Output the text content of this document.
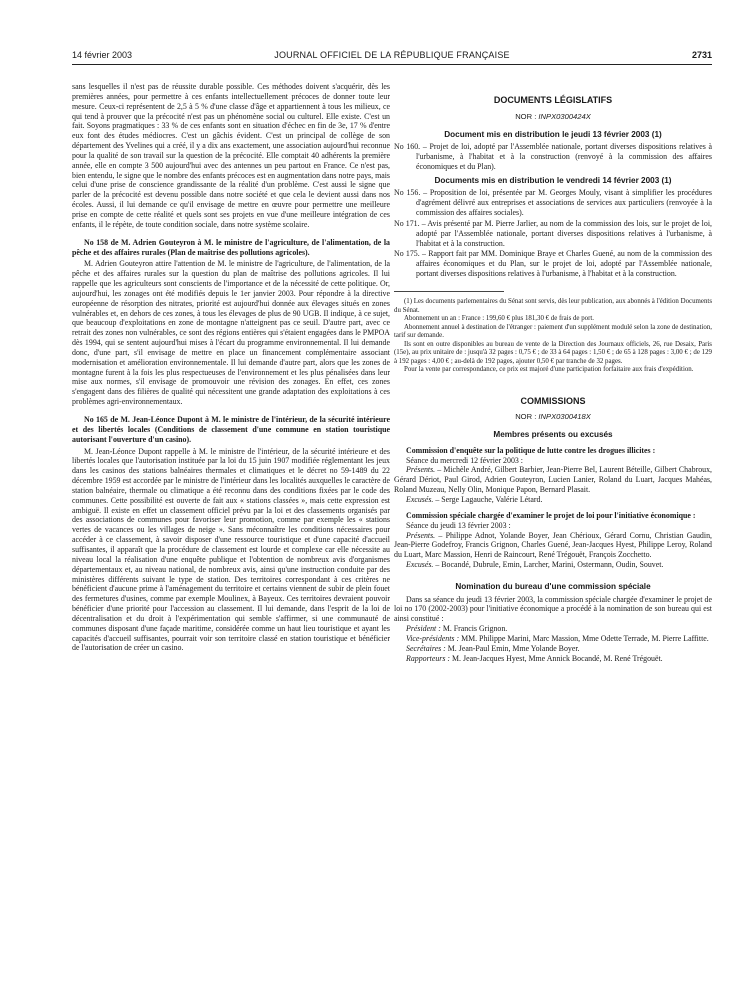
14 février 2003	JOURNAL OFFICIEL DE LA RÉPUBLIQUE FRANÇAISE	2731

sans lesquelles il n'est pas de réussite durable possible. Ces méthodes doivent s'acquérir, dès les premières années, pour permettre à ces enfants intellectuellement précoces de donner toute leur mesure. Ceux-ci représentent de 2,5 à 5 % d'une classe d'âge et appartiennent à tous les milieux, ce qui tend à prouver que la précocité n'est pas un phénomène social ou culturel. Elle existe. C'est un fait. Soyons pragmatiques : 33 % de ces enfants sont en situation d'échec en fin de 3e, 17 % d'entre eux font des études médiocres. C'est un gâchis évident. C'est un principal de collège de son département des Yvelines qui a créé, il y a dix ans exactement, une association aujourd'hui reconnue pour la qualité de son travail sur la question de la précocité. Elle comptait 40 adhérents la première année, elle en compte 3 500 aujourd'hui avec des antennes un peu partout en France. Ce n'est pas, bien entendu, le signe que le nombre des enfants précoces est en augmentation dans notre pays, mais celui d'une prise de conscience grandissante de la réalité d'un problème. C'est aussi le signe que parler de la précocité est devenu possible dans notre société et que cela le devient aussi dans nos écoles. Aussi, il lui demande ce qu'il envisage de mettre en œuvre pour permettre une meilleure prise en compte de cette réalité et quels sont ses projets en vue d'une meilleure intégration de ces enfants, il le répète, de toute condition sociale, dans notre système scolaire.

No 158 de M. Adrien Gouteyron à M. le ministre de l'agriculture, de l'alimentation, de la pêche et des affaires rurales (Plan de maîtrise des pollutions agricoles).

M. Adrien Gouteyron attire l'attention de M. le ministre de l'agriculture, de l'alimentation, de la pêche et des affaires rurales sur la question du plan de maîtrise des pollutions agricoles. Il lui rappelle que les agriculteurs sont conscients de l'importance et de la nécessité de cette politique. Or, aujourd'hui, les zonages ont été modifiés depuis le 1er janvier 2003. Pour répondre à la directive européenne de résorption des nitrates, priorité est aujourd'hui donnée aux élevages situés en zones vulnérables et, en dehors de ces zones, à tous les élevages de plus de 90 UGB. Il indique, à ce sujet, que beaucoup d'exploitations en zone de montagne n'atteignent pas ce seuil. D'autre part, avec ce retrait des zones non vulnérables, ce sont des régions entières qui s'étaient engagées dans le PMPOA dès 1994, qui se sentent aujourd'hui mises à l'écart du programme environnemental. Il lui demande donc, d'une part, s'il envisage de mettre en place un financement complémentaire associant modernisation et amélioration environnementale. Il lui demande d'autre part, alors que les zones de montagne furent à la fois les plus respectueuses de l'environnement et les plus pénalisées dans leur mise aux normes, s'il envisage de promouvoir une révision des zonages. En effet, ces zones s'engagent dans des filières de qualité qui nécessitent une grande adaptation des exploitations à ces problèmes agri-environnementaux.

No 165 de M. Jean-Léonce Dupont à M. le ministre de l'intérieur, de la sécurité intérieure et des libertés locales (Conditions de classement d'une commune en station touristique autorisant l'ouverture d'un casino).

M. Jean-Léonce Dupont rappelle à M. le ministre de l'intérieur, de la sécurité intérieure et des libertés locales que l'autorisation instituée par la loi du 15 juin 1907 modifiée réglementant les jeux dans les casinos des stations balnéaires thermales et climatiques et le décret no 59-1489 du 22 décembre 1959 est accordée par le ministre de l'intérieur dans les localités auxquelles le caractère de station balnéaire, thermale ou climatique a été reconnu dans des conditions fixées par le code des communes. Cette possibilité est ouverte de fait aux « stations classées », mais cette expression est ambiguë. Il existe en effet un classement officiel prévu par la loi et des classements organisés par des associations de communes pour favoriser leur promotion, comme par exemple les « stations vertes de vacances ou les villages de neige ». Sans méconnaître les conditions nécessaires pour accéder à ce classement, à savoir disposer d'une ressource touristique et d'une capacité d'accueil suffisantes, il apparaît que la procédure de classement est lourde et complexe car elle nécessite au niveau local la réalisation d'une enquête publique et l'obtention de nombreux avis d'organismes départementaux et, au niveau national, de nombreux avis, ainsi qu'une instruction conduite par des ministères différents suivant le type de station. Des territoires correspondant à ces critères ne bénéficient d'aucune prime à l'aménagement du territoire et certains viennent de subir de plein fouet des fermetures d'usines, comme par exemple Moulinex, à Bayeux. Ces territoires devraient pouvoir bénéficier d'une priorité pour l'accession au classement. Il lui demande, dans l'esprit de la loi de décentralisation et du droit à l'expérimentation qui semble s'affirmer, si une communauté de communes disposant d'une façade maritime, considérée comme un haut lieu touristique et ayant les capacités d'accueil suffisantes, pourrait voir son territoire classé en station touristique et bénéficier de l'autorisation de créer un casino.

DOCUMENTS LÉGISLATIFS

NOR : INPX0300424X

Document mis en distribution le jeudi 13 février 2003 (1)

No 160. – Projet de loi, adopté par l'Assemblée nationale, portant diverses dispositions relatives à l'urbanisme, à l'habitat et à la construction (renvoyé à la commission des affaires économiques et du Plan).

Documents mis en distribution le vendredi 14 février 2003 (1)

No 156. – Proposition de loi, présentée par M. Georges Mouly, visant à simplifier les procédures d'agrément délivré aux entreprises et associations de services aux particuliers (renvoyée à la commission des affaires sociales).

No 171. – Avis présenté par M. Pierre Jarlier, au nom de la commission des lois, sur le projet de loi, adopté par l'Assemblée nationale, portant diverses dispositions relatives à l'urbanisme, à l'habitat et à la construction.

No 175. – Rapport fait par MM. Dominique Braye et Charles Guené, au nom de la commission des affaires économiques et du Plan, sur le projet de loi, adopté par l'Assemblée nationale, portant diverses dispositions relatives à l'urbanisme, à l'habitat et à la construction.

(1) Les documents parlementaires du Sénat sont servis, dès leur publication, aux abonnés à l'édition Documents du Sénat.

Abonnement un an : France : 199,60 € plus 181,30 € de frais de port.

Abonnement annuel à destination de l'étranger : paiement d'un supplément modulé selon la zone de destination, tarif sur demande.

Ils sont en outre disponibles au bureau de vente de la Direction des Journaux officiels, 26, rue Desaix, Paris (15e), au prix unitaire de : jusqu'à 32 pages : 0,75 € ; de 33 à 64 pages : 1,50 € ; de 65 à 128 pages : 3,00 € ; de 129 à 192 pages : 4,00 € ; au-delà de 192 pages, ajouter 0,50 € par tranche de 32 pages.

Pour la vente par correspondance, ce prix est majoré d'une participation forfaitaire aux frais d'expédition.

COMMISSIONS

NOR : INPX0300418X

Membres présents ou excusés

Commission d'enquête sur la politique de lutte contre les drogues illicites :

Séance du mercredi 12 février 2003 :

Présents. – Michèle André, Gilbert Barbier, Jean-Pierre Bel, Laurent Béteille, Gilbert Chabroux, Gérard Dériot, Paul Girod, Adrien Gouteyron, Lucien Lanier, Roland du Luart, Jacques Mahéas, Roland Muzeau, Nelly Olin, Monique Papon, Bernard Plasait.

Excusés. – Serge Lagauche, Valérie Létard.

Commission spéciale chargée d'examiner le projet de loi pour l'initiative économique :

Séance du jeudi 13 février 2003 :

Présents. – Philippe Adnot, Yolande Boyer, Jean Chérioux, Gérard Cornu, Christian Gaudin, Jean-Pierre Godefroy, Francis Grignon, Charles Guené, Jean-Jacques Hyest, Philippe Leroy, Roland du Luart, Marc Massion, Henri de Raincourt, René Trégouët, François Zocchetto.

Excusés. – Bocandé, Dubrule, Emin, Larcher, Marini, Ostermann, Oudin, Souvet.

Nomination du bureau d'une commission spéciale

Dans sa séance du jeudi 13 février 2003, la commission spéciale chargée d'examiner le projet de loi no 170 (2002-2003) pour l'initiative économique a procédé à la nomination de son bureau qui est ainsi constitué :

Président : M. Francis Grignon.

Vice-présidents : MM. Philippe Marini, Marc Massion, Mme Odette Terrade, M. Pierre Laffitte.

Secrétaires : M. Jean-Paul Emin, Mme Yolande Boyer.

Rapporteurs : M. Jean-Jacques Hyest, Mme Annick Bocandé, M. René Trégouët.
